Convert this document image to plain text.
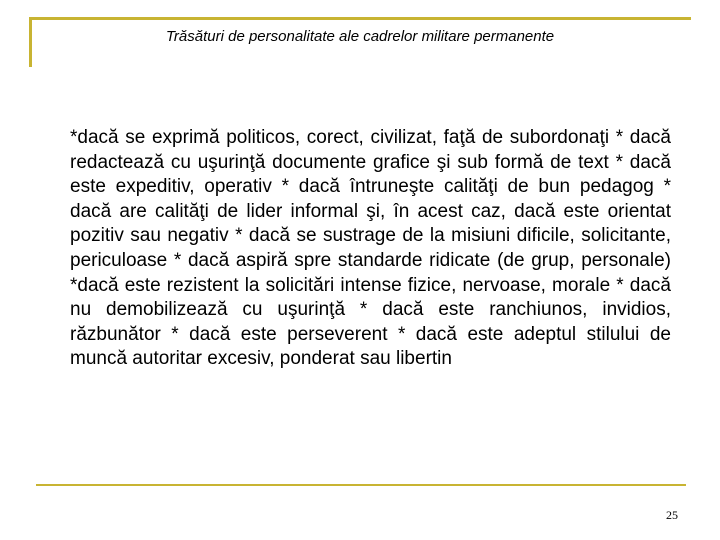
Trăsături de personalitate ale cadrelor militare permanente

*dacă se exprimă politicos, corect, civilizat, faţă de subordonaţi * dacă redactează cu uşurinţă documente grafice şi sub formă de text * dacă este expeditiv, operativ * dacă întruneşte calităţi de bun pedagog * dacă are calităţi de lider informal şi, în acest caz, dacă este orientat pozitiv sau negativ * dacă se sustrage de la misiuni dificile, solicitante, periculoase * dacă aspiră spre standarde ridicate (de grup, personale) *dacă este rezistent la solicitări intense fizice, nervoase, morale * dacă nu demobilizează cu uşurinţă * dacă este ranchiunos, invidios, răzbunător * dacă este perseverent * dacă este adeptul stilului de muncă autoritar excesiv, ponderat sau libertin

25
